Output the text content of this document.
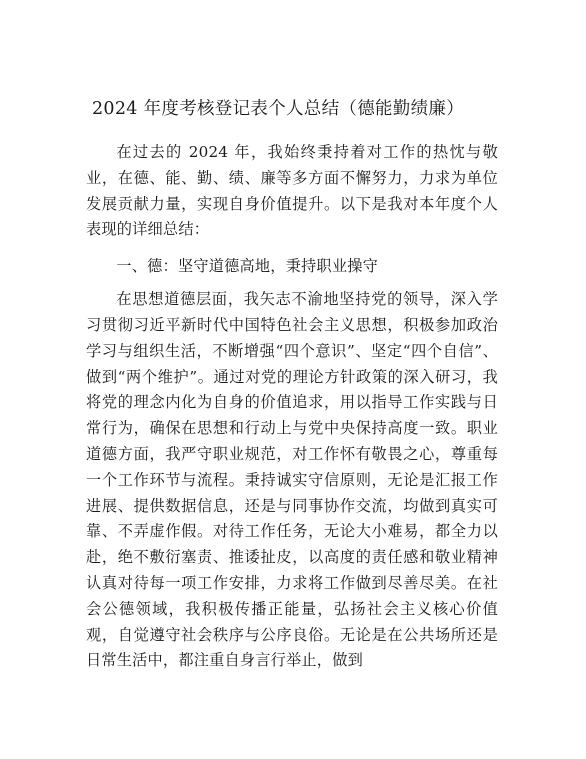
2024 年度考核登记表个人总结（德能勤绩廉）

在过去的 2024 年，我始终秉持着对工作的热忱与敬业，在德、能、勤、绩、廉等多方面不懈努力，力求为单位发展贡献力量，实现自身价值提升。以下是我对本年度个人表现的详细总结：

一、德：坚守道德高地，秉持职业操守

在思想道德层面，我矢志不渝地坚持党的领导，深入学习贯彻习近平新时代中国特色社会主义思想，积极参加政治学习与组织生活，不断增强“四个意识”、坚定“四个自信”、做到“两个维护”。通过对党的理论方针政策的深入研习，我将党的理念内化为自身的价值追求，用以指导工作实践与日常行为，确保在思想和行动上与党中央保持高度一致。职业道德方面，我严守职业规范，对工作怀有敬畏之心，尊重每一个工作环节与流程。秉持诚实守信原则，无论是汇报工作进展、提供数据信息，还是与同事协作交流，均做到真实可靠、不弄虚作假。对待工作任务，无论大小难易，都全力以赴，绝不敷衍塞责、推诿扯皮，以高度的责任感和敬业精神认真对待每一项工作安排，力求将工作做到尽善尽美。在社会公德领域，我积极传播正能量，弘扬社会主义核心价值观，自觉遵守社会秩序与公序良俗。无论是在公共场所还是日常生活中，都注重自身言行举止，做到
